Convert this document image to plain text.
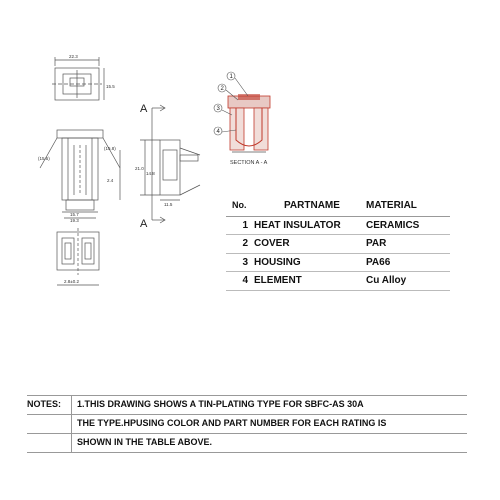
22.3
15.5
(15.5)
(15.8)
2.4
15.7
19.3
A
A
14.8
21.0
11.5
2.8±0.2
1
2
3
4
SECTION A - A
No.	PARTNAME	MATERIAL
1 HEAT INSULATOR	CERAMICS
2 COVER	PAR
3 HOUSING	PA66
4 ELEMENT	Cu Alloy
NOTES: 1.THIS DRAWING SHOWS A TIN-PLATING TYPE FOR SBFC-AS 30A
THE TYPE.HPUSING COLOR AND PART NUMBER FOR EACH RATING IS
SHOWN IN THE TABLE ABOVE.
